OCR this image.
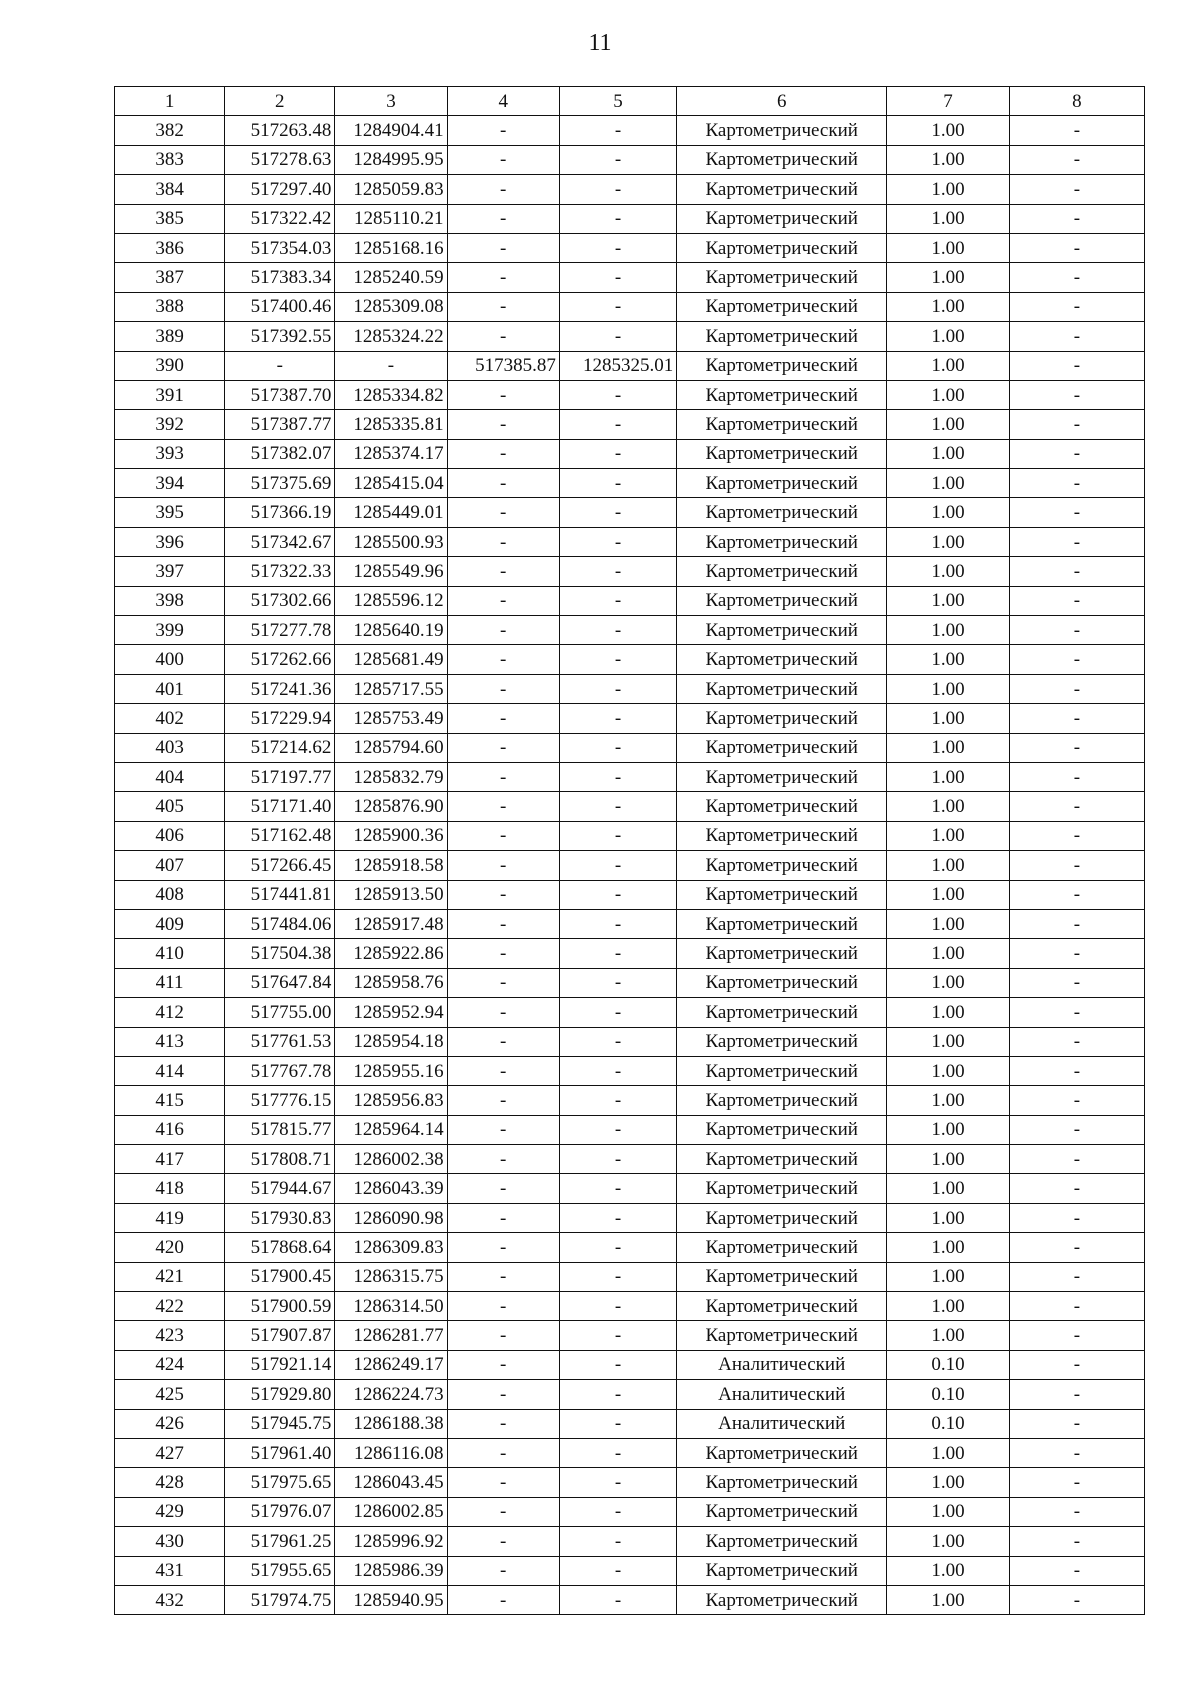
11
1	2	3	4	5	6	7	8
382	517263.48	1284904.41	-	-	Картометрический	1.00	-
383	517278.63	1284995.95	-	-	Картометрический	1.00	-
384	517297.40	1285059.83	-	-	Картометрический	1.00	-
385	517322.42	1285110.21	-	-	Картометрический	1.00	-
386	517354.03	1285168.16	-	-	Картометрический	1.00	-
387	517383.34	1285240.59	-	-	Картометрический	1.00	-
388	517400.46	1285309.08	-	-	Картометрический	1.00	-
389	517392.55	1285324.22	-	-	Картометрический	1.00	-
390	-	-	517385.87	1285325.01	Картометрический	1.00	-
391	517387.70	1285334.82	-	-	Картометрический	1.00	-
392	517387.77	1285335.81	-	-	Картометрический	1.00	-
393	517382.07	1285374.17	-	-	Картометрический	1.00	-
394	517375.69	1285415.04	-	-	Картометрический	1.00	-
395	517366.19	1285449.01	-	-	Картометрический	1.00	-
396	517342.67	1285500.93	-	-	Картометрический	1.00	-
397	517322.33	1285549.96	-	-	Картометрический	1.00	-
398	517302.66	1285596.12	-	-	Картометрический	1.00	-
399	517277.78	1285640.19	-	-	Картометрический	1.00	-
400	517262.66	1285681.49	-	-	Картометрический	1.00	-
401	517241.36	1285717.55	-	-	Картометрический	1.00	-
402	517229.94	1285753.49	-	-	Картометрический	1.00	-
403	517214.62	1285794.60	-	-	Картометрический	1.00	-
404	517197.77	1285832.79	-	-	Картометрический	1.00	-
405	517171.40	1285876.90	-	-	Картометрический	1.00	-
406	517162.48	1285900.36	-	-	Картометрический	1.00	-
407	517266.45	1285918.58	-	-	Картометрический	1.00	-
408	517441.81	1285913.50	-	-	Картометрический	1.00	-
409	517484.06	1285917.48	-	-	Картометрический	1.00	-
410	517504.38	1285922.86	-	-	Картометрический	1.00	-
411	517647.84	1285958.76	-	-	Картометрический	1.00	-
412	517755.00	1285952.94	-	-	Картометрический	1.00	-
413	517761.53	1285954.18	-	-	Картометрический	1.00	-
414	517767.78	1285955.16	-	-	Картометрический	1.00	-
415	517776.15	1285956.83	-	-	Картометрический	1.00	-
416	517815.77	1285964.14	-	-	Картометрический	1.00	-
417	517808.71	1286002.38	-	-	Картометрический	1.00	-
418	517944.67	1286043.39	-	-	Картометрический	1.00	-
419	517930.83	1286090.98	-	-	Картометрический	1.00	-
420	517868.64	1286309.83	-	-	Картометрический	1.00	-
421	517900.45	1286315.75	-	-	Картометрический	1.00	-
422	517900.59	1286314.50	-	-	Картометрический	1.00	-
423	517907.87	1286281.77	-	-	Картометрический	1.00	-
424	517921.14	1286249.17	-	-	Аналитический	0.10	-
425	517929.80	1286224.73	-	-	Аналитический	0.10	-
426	517945.75	1286188.38	-	-	Аналитический	0.10	-
427	517961.40	1286116.08	-	-	Картометрический	1.00	-
428	517975.65	1286043.45	-	-	Картометрический	1.00	-
429	517976.07	1286002.85	-	-	Картометрический	1.00	-
430	517961.25	1285996.92	-	-	Картометрический	1.00	-
431	517955.65	1285986.39	-	-	Картометрический	1.00	-
432	517974.75	1285940.95	-	-	Картометрический	1.00	-
